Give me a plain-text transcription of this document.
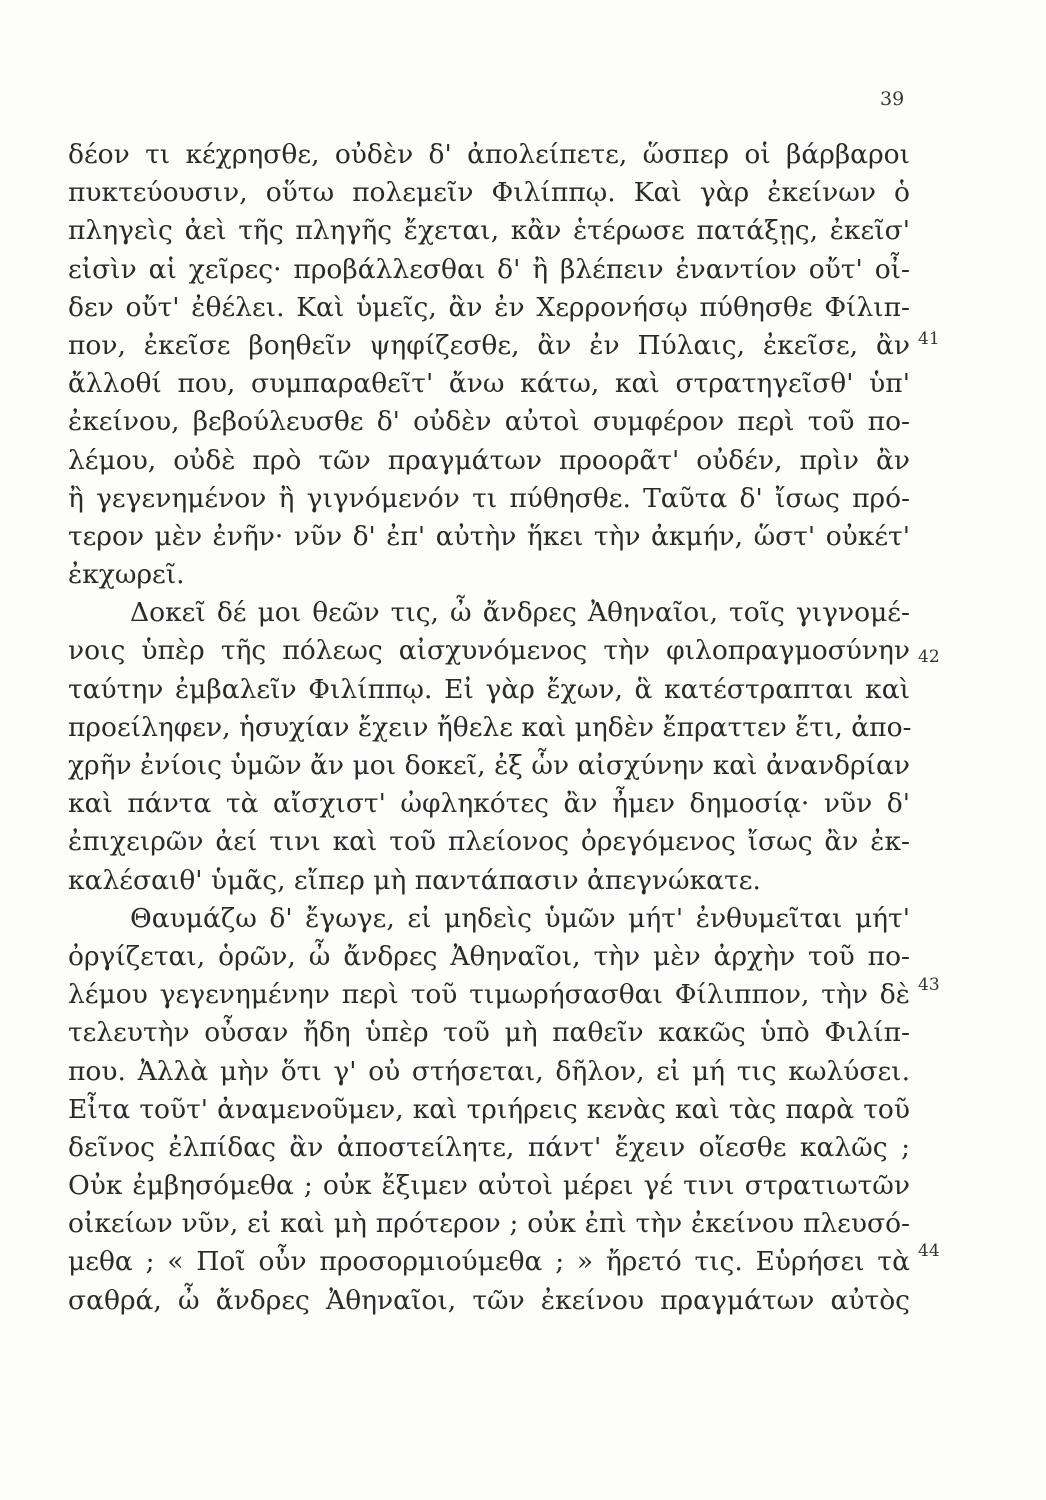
39
δέον τι κέχρησθε, οὐδὲν δ' ἀπολείπετε, ὥσπερ οἱ βάρβαροι
πυκτεύουσιν, οὕτω πολεμεῖν Φιλίππῳ. Καὶ γὰρ ἐκείνων ὁ
πληγεὶς ἀεὶ τῆς πληγῆς ἔχεται, κἂν ἑτέρωσε πατάξῃς, ἐκεῖσ'
εἰσὶν αἱ χεῖρες· προβάλλεσθαι δ' ἢ βλέπειν ἐναντίον οὔτ' οἶ-
δεν οὔτ' ἐθέλει. Καὶ ὑμεῖς, ἂν ἐν Χερρονήσῳ πύθησθε Φίλιπ-
πον, ἐκεῖσε βοηθεῖν ψηφίζεσθε, ἂν ἐν Πύλαις, ἐκεῖσε, ἂν
ἄλλοθί που, συμπαραθεῖτ' ἄνω κάτω, καὶ στρατηγεῖσθ' ὑπ'
ἐκείνου, βεβούλευσθε δ' οὐδὲν αὐτοὶ συμφέρον περὶ τοῦ πο-
λέμου, οὐδὲ πρὸ τῶν πραγμάτων προορᾶτ' οὐδέν, πρὶν ἂν
ἢ γεγενημένον ἢ γιγνόμενόν τι πύθησθε. Ταῦτα δ' ἴσως πρό-
τερον μὲν ἐνῆν· νῦν δ' ἐπ' αὐτὴν ἥκει τὴν ἀκμήν, ὥστ' οὐκέτ'
ἐκχωρεῖ.
Δοκεῖ δέ μοι θεῶν τις, ὦ ἄνδρες Ἀθηναῖοι, τοῖς γιγνομέ-
νοις ὑπὲρ τῆς πόλεως αἰσχυνόμενος τὴν φιλοπραγμοσύνην
ταύτην ἐμβαλεῖν Φιλίππῳ. Εἰ γὰρ ἔχων, ἃ κατέστραπται καὶ
προείληφεν, ἡσυχίαν ἔχειν ἤθελε καὶ μηδὲν ἔπραττεν ἔτι, ἀπο-
χρῆν ἐνίοις ὑμῶν ἄν μοι δοκεῖ, ἐξ ὧν αἰσχύνην καὶ ἀνανδρίαν
καὶ πάντα τὰ αἴσχιστ' ὠφληκότες ἂν ἦμεν δημοσίᾳ· νῦν δ'
ἐπιχειρῶν ἀεί τινι καὶ τοῦ πλείονος ὀρεγόμενος ἴσως ἂν ἐκ-
καλέσαιθ' ὑμᾶς, εἴπερ μὴ παντάπασιν ἀπεγνώκατε.
Θαυμάζω δ' ἔγωγε, εἰ μηδεὶς ὑμῶν μήτ' ἐνθυμεῖται μήτ'
ὀργίζεται, ὁρῶν, ὦ ἄνδρες Ἀθηναῖοι, τὴν μὲν ἀρχὴν τοῦ πο-
λέμου γεγενημένην περὶ τοῦ τιμωρήσασθαι Φίλιππον, τὴν δὲ
τελευτὴν οὖσαν ἤδη ὑπὲρ τοῦ μὴ παθεῖν κακῶς ὑπὸ Φιλίπ-
που. Ἀλλὰ μὴν ὅτι γ' οὐ στήσεται, δῆλον, εἰ μή τις κωλύσει.
Εἶτα τοῦτ' ἀναμενοῦμεν, καὶ τριήρεις κενὰς καὶ τὰς παρὰ τοῦ
δεῖνος ἐλπίδας ἂν ἀποστείλητε, πάντ' ἔχειν οἴεσθε καλῶς ;
Οὐκ ἐμβησόμεθα ; οὐκ ἔξιμεν αὐτοὶ μέρει γέ τινι στρατιωτῶν
οἰκείων νῦν, εἰ καὶ μὴ πρότερον ; οὐκ ἐπὶ τὴν ἐκείνου πλευσό-
μεθα ; « Ποῖ οὖν προσορμιούμεθα ; » ἤρετό τις. Εὑρήσει τὰ
σαθρά, ὦ ἄνδρες Ἀθηναῖοι, τῶν ἐκείνου πραγμάτων αὐτὸς
41
42
43
44
